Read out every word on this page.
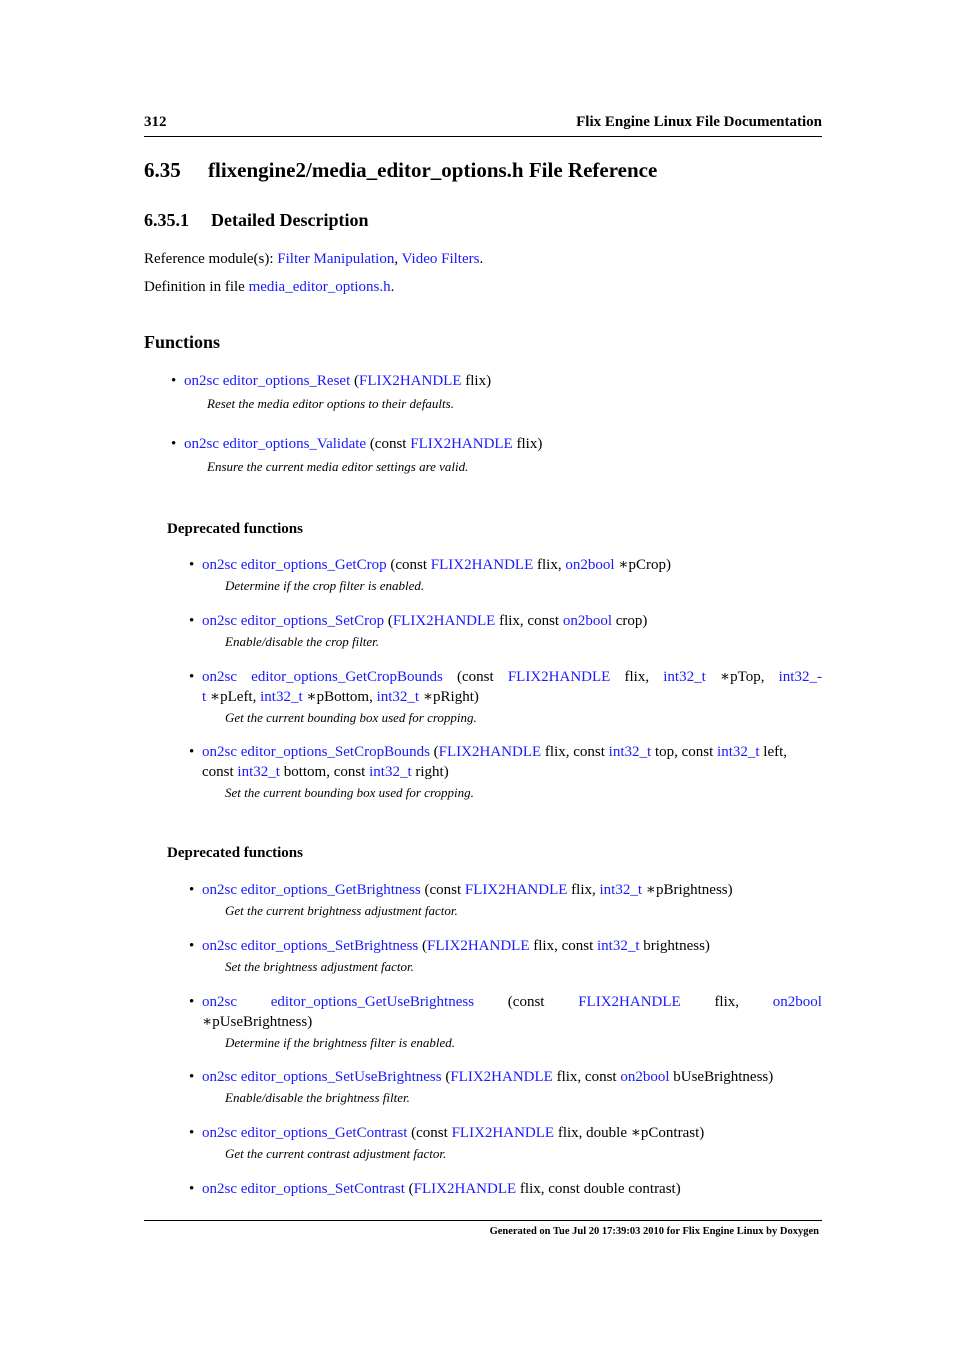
312	Flix Engine Linux File Documentation
6.35 flixengine2/media_editor_options.h File Reference
6.35.1 Detailed Description
Reference module(s): Filter Manipulation, Video Filters.
Definition in file media_editor_options.h.
Functions
• on2sc editor_options_Reset (FLIX2HANDLE flix)
Reset the media editor options to their defaults.
• on2sc editor_options_Validate (const FLIX2HANDLE flix)
Ensure the current media editor settings are valid.
Deprecated functions
• on2sc editor_options_GetCrop (const FLIX2HANDLE flix, on2bool ∗pCrop)
Determine if the crop filter is enabled.
• on2sc editor_options_SetCrop (FLIX2HANDLE flix, const on2bool crop)
Enable/disable the crop filter.
• on2sc editor_options_GetCropBounds (const FLIX2HANDLE flix, int32_t ∗pTop, int32_-
t ∗pLeft, int32_t ∗pBottom, int32_t ∗pRight)
Get the current bounding box used for cropping.
• on2sc editor_options_SetCropBounds (FLIX2HANDLE flix, const int32_t top, const int32_t left,
const int32_t bottom, const int32_t right)
Set the current bounding box used for cropping.
Deprecated functions
• on2sc editor_options_GetBrightness (const FLIX2HANDLE flix, int32_t ∗pBrightness)
Get the current brightness adjustment factor.
• on2sc editor_options_SetBrightness (FLIX2HANDLE flix, const int32_t brightness)
Set the brightness adjustment factor.
• on2sc editor_options_GetUseBrightness (const FLIX2HANDLE flix, on2bool
∗pUseBrightness)
Determine if the brightness filter is enabled.
• on2sc editor_options_SetUseBrightness (FLIX2HANDLE flix, const on2bool bUseBrightness)
Enable/disable the brightness filter.
• on2sc editor_options_GetContrast (const FLIX2HANDLE flix, double ∗pContrast)
Get the current contrast adjustment factor.
• on2sc editor_options_SetContrast (FLIX2HANDLE flix, const double contrast)
Generated on Tue Jul 20 17:39:03 2010 for Flix Engine Linux by Doxygen
